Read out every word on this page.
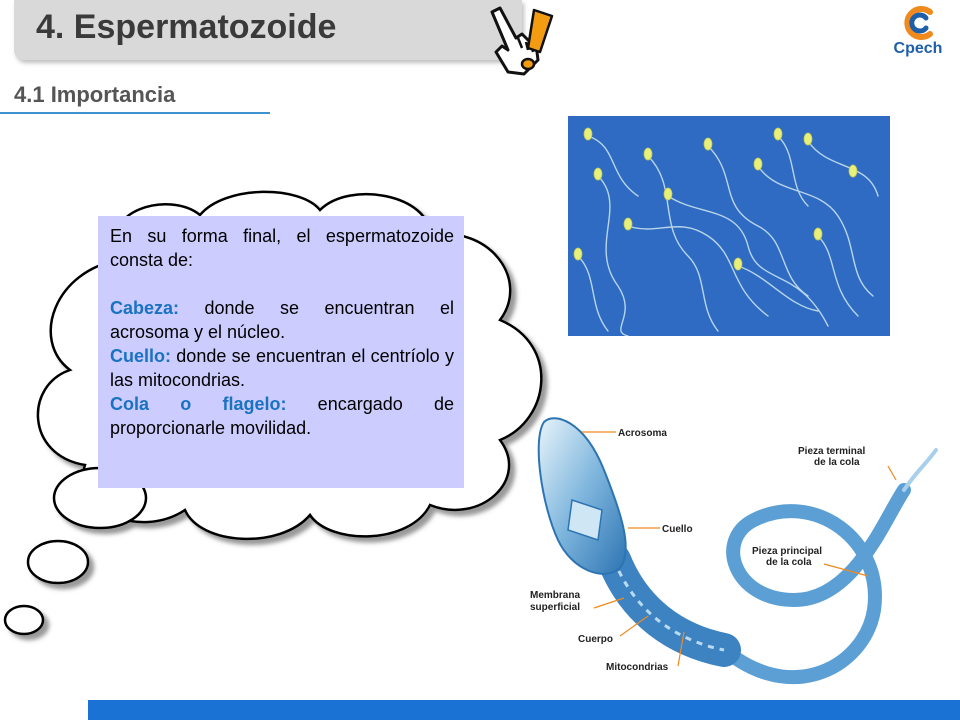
4. Espermatozoide
Cpech
4.1 Importancia

En su forma final, el espermatozoide consta de:

Cabeza: donde se encuentran el acrosoma y el núcleo.

Cuello: donde se encuentran el centríolo y las mitocondrias.

Cola o flagelo: encargado de proporcionarle movilidad.	Acrosoma
Cuello
Membrana
superficial
Cuerpo
Mitocondrias
Pieza terminal
de la cola
Pieza principal
de la cola
